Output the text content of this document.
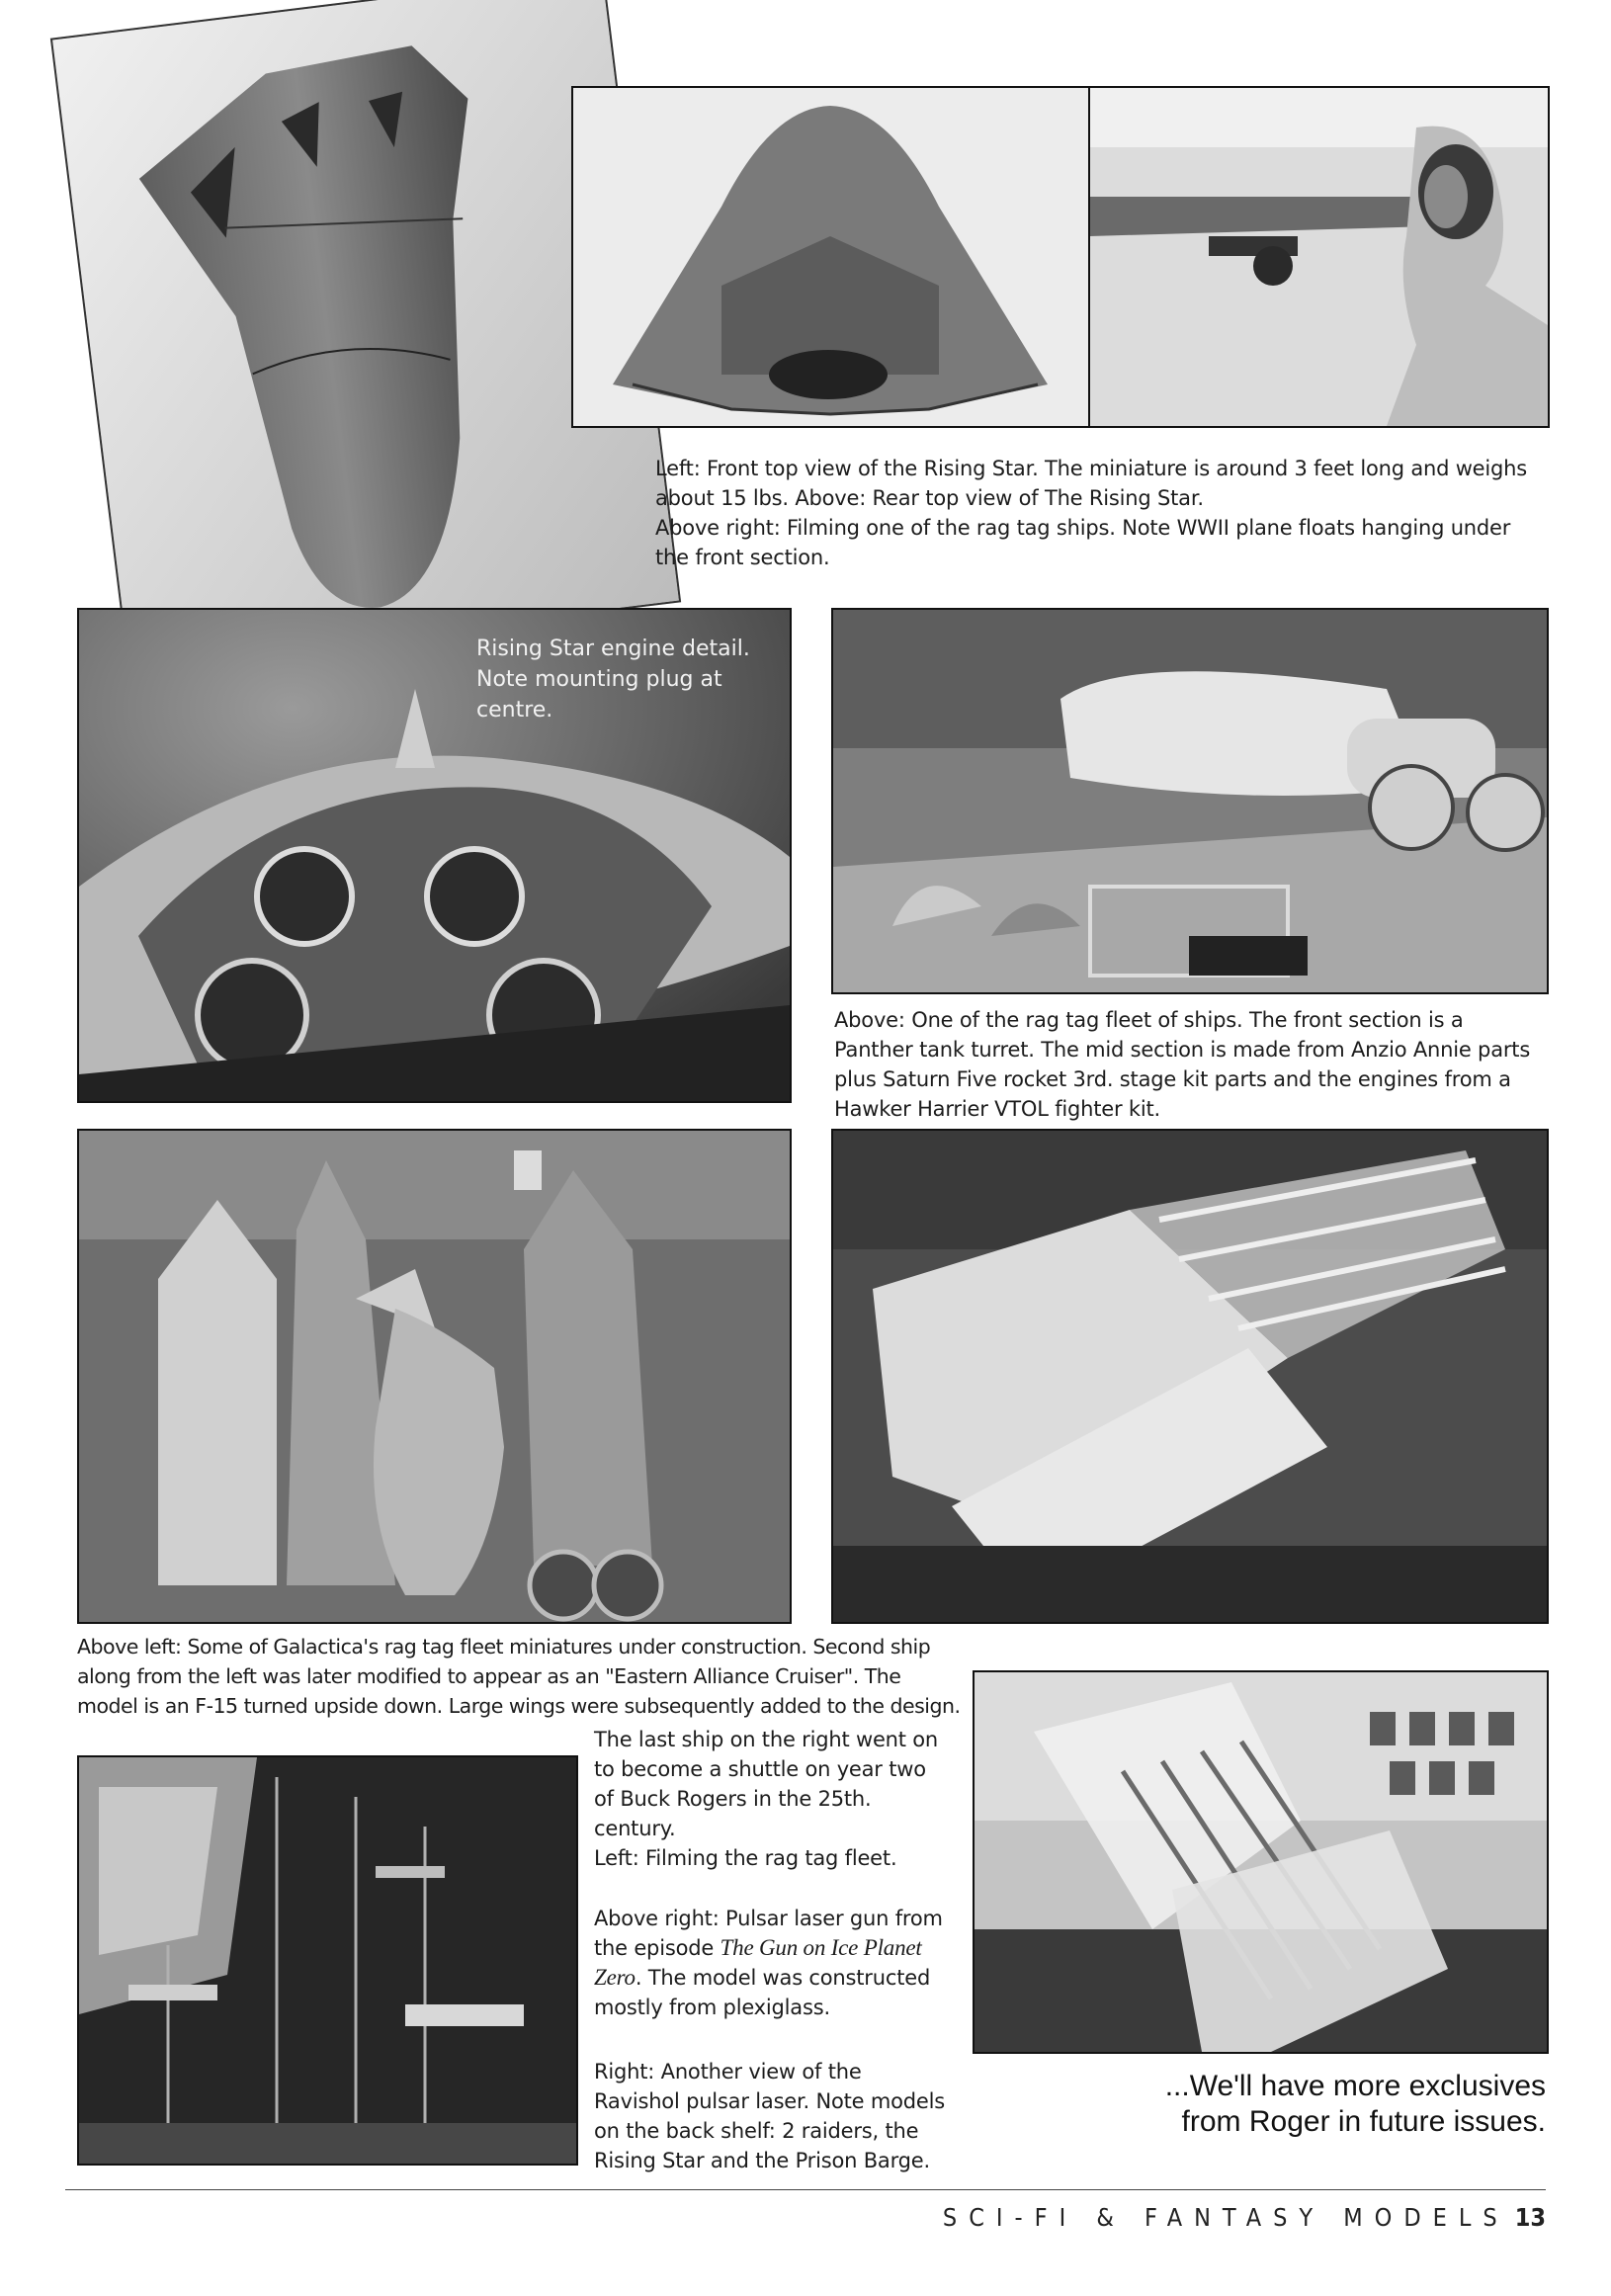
Left: Front top view of the Rising Star. The miniature is around 3 feet long and weighs about 15 lbs. Above: Rear top view of The Rising Star.

Above right: Filming one of the rag tag ships. Note WWII plane floats hanging under the front section.

Rising Star engine detail. Note mounting plug at centre.
Above: One of the rag tag fleet of ships. The front section is a Panther tank turret. The mid section is made from Anzio Annie parts plus Saturn Five rocket 3rd. stage kit parts and the engines from a Hawker Harrier VTOL fighter kit.
Above left: Some of Galactica's rag tag fleet miniatures under construction. Second ship along from the left was later modified to appear as an "Eastern Alliance Cruiser". The model is an F-15 turned upside down. Large wings were subsequently added to the design.
The last ship on the right went on to become a shuttle on year two of Buck Rogers in the 25th. century.
Left: Filming the rag tag fleet.
Above right: Pulsar laser gun from the episode The Gun on Ice Planet Zero. The model was constructed mostly from plexiglass.
Right: Another view of the Ravishol pulsar laser. Note models on the back shelf: 2 raiders, the Rising Star and the Prison Barge.
...We'll have more exclusives
from Roger in future issues.
SCI-FI & FANTASY MODELS 13
